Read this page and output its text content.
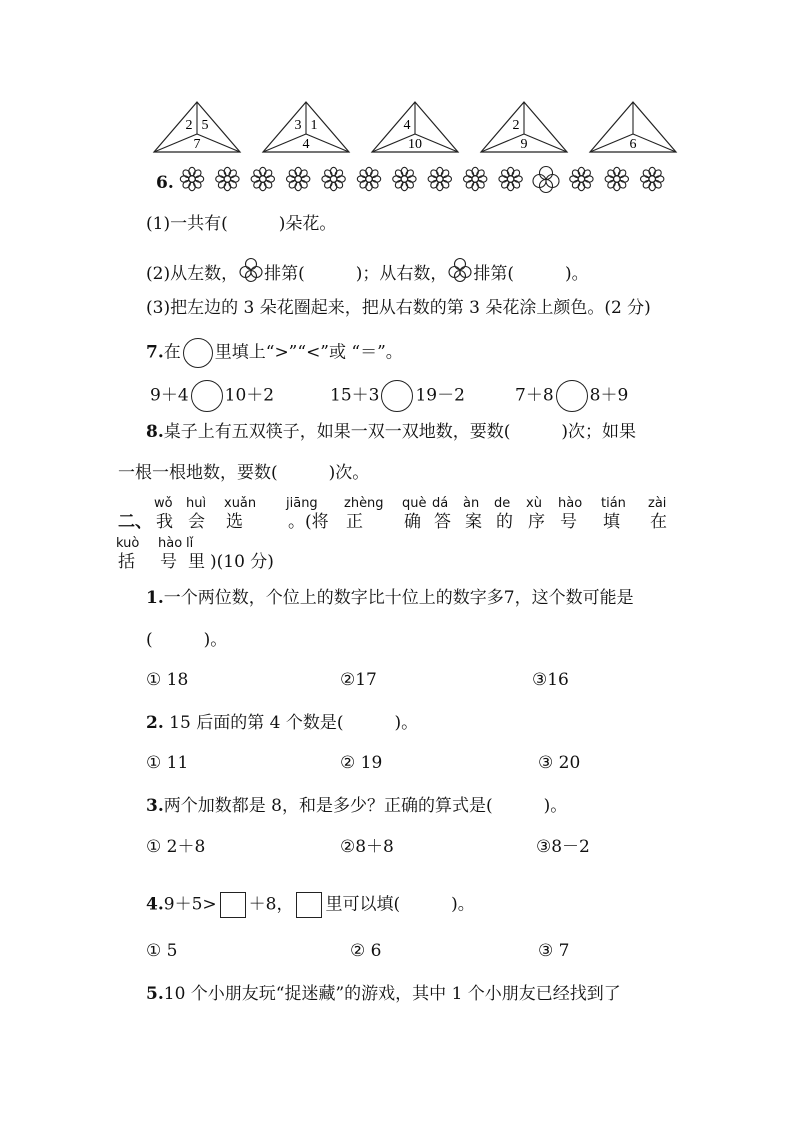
2 5
7
3 1
4
4
10
2
9	6
6.
(1)一共有(　　　)朵花。
(2)从左数， 排第(　　　)；从右数， 排第(　　　)。
(3)把左边的 3 朵花圈起来，把从右数的第 3 朵花涂上颜色。(2 分)
7.在 里填上“>”“<”或 “＝”。
9＋4 10＋2	15＋3 19－2	7＋8 8＋9
8.桌子上有五双筷子，如果一双一双地数，要数(　　　)次；如果
一根一根地数，要数(　　　)次。
二、
)(10 分)
wǒ
我
huì
会
xuǎn
选
jiāng
。(将
zhèng
正
què
确
dá
答
àn
案
de
的
xù
序
hào
号
tián
填
zài
在
kuò
括
hào
号
lǐ
里
1.一个两位数，个位上的数字比十位上的数字多7，这个数可能是
(　　　)。
① 18	②17	③16
2. 15 后面的第 4 个数是(　　　)。
① 11	② 19	③ 20
3.两个加数都是 8，和是多少？正确的算式是(　　　)。
① 2＋8	②8＋8	③8－2
4.9＋5> ＋8， 里可以填(　　　)。
① 5	② 6	③ 7
5.10 个小朋友玩“捉迷藏”的游戏，其中 1 个小朋友已经找到了
